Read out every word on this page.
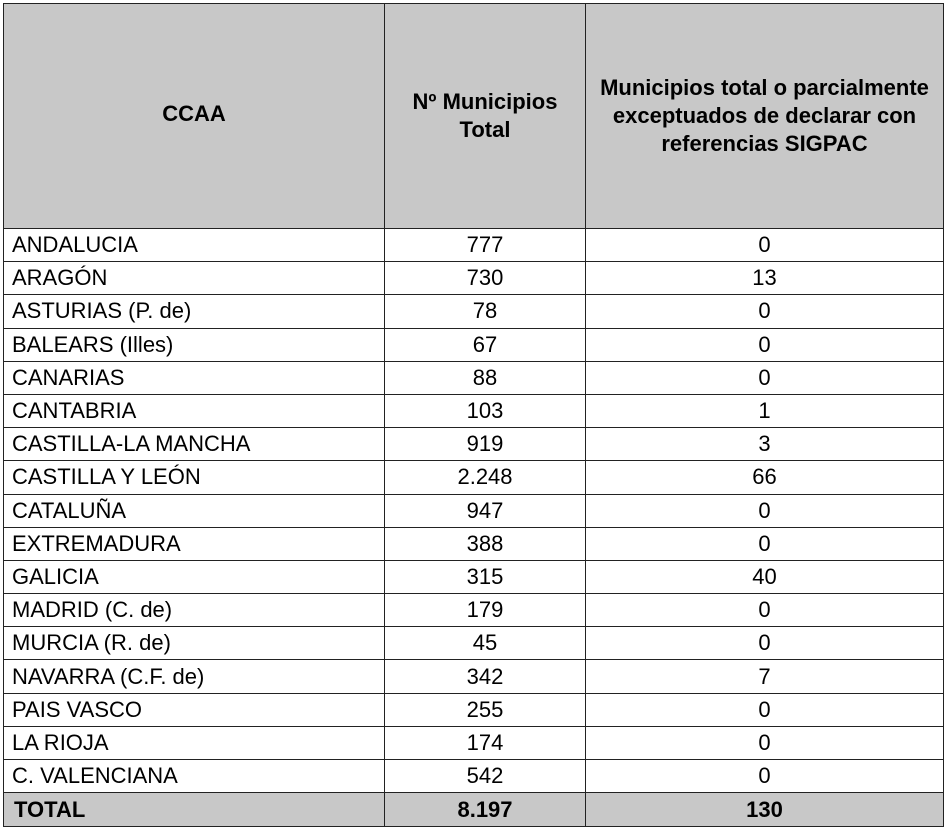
CCAA	Nº Municipios Total	Municipios total o parcialmente exceptuados de declarar con referencias SIGPAC
ANDALUCIA	777	0
ARAGÓN	730	13
ASTURIAS (P. de)	78	0
BALEARS (Illes)	67	0
CANARIAS	88	0
CANTABRIA	103	1
CASTILLA-LA MANCHA	919	3
CASTILLA Y LEÓN	2.248	66
CATALUÑA	947	0
EXTREMADURA	388	0
GALICIA	315	40
MADRID (C. de)	179	0
MURCIA (R. de)	45	0
NAVARRA (C.F. de)	342	7
PAIS VASCO	255	0
LA RIOJA	174	0
C. VALENCIANA	542	0
TOTAL	8.197	130
